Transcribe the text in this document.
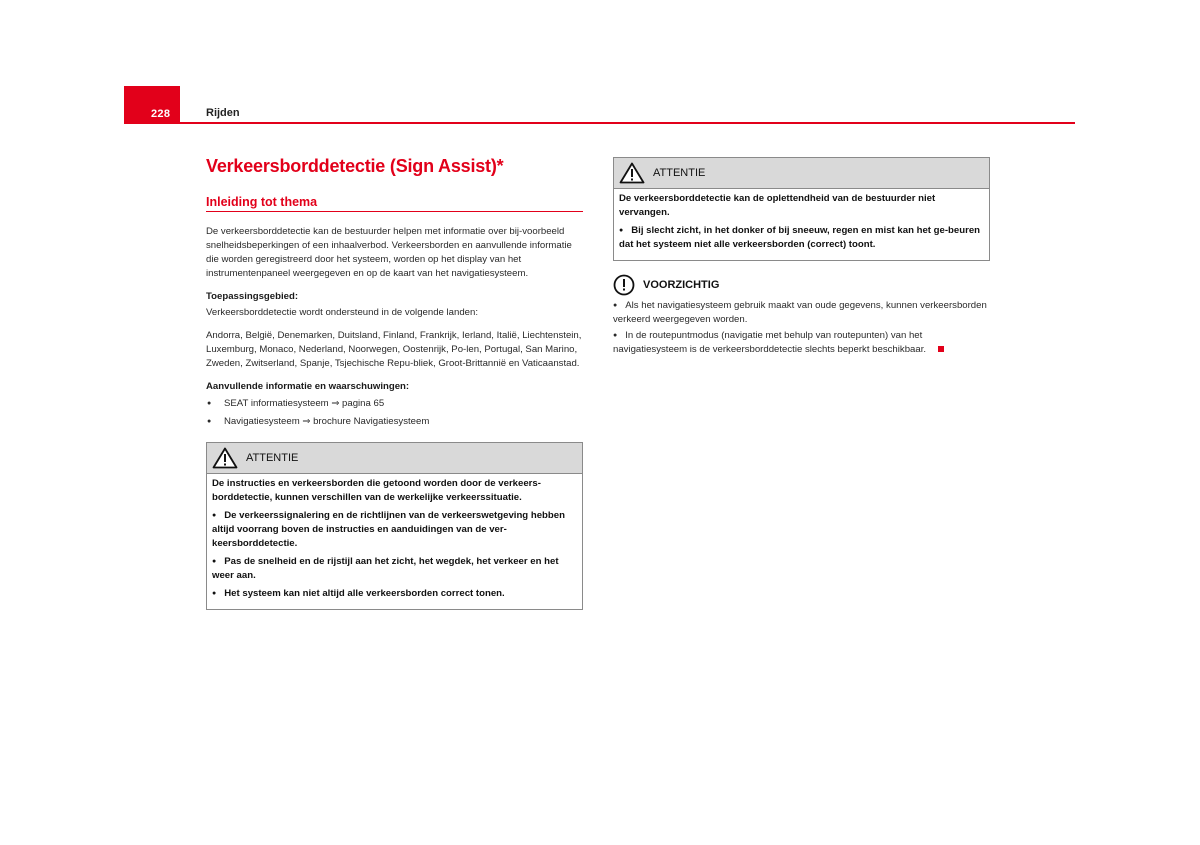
228	Rijden
Verkeersborddetectie (Sign Assist)*
Inleiding tot thema

De verkeersborddetectie kan de bestuurder helpen met informatie over bij-voorbeeld snelheidsbeperkingen of een inhaalverbod. Verkeersborden en aanvullende informatie die worden geregistreerd door het systeem, worden op het display van het instrumentenpaneel weergegeven en op de kaart van het navigatiesysteem.

Toepassingsgebied:

Verkeersborddetectie wordt ondersteund in de volgende landen:

Andorra, België, Denemarken, Duitsland, Finland, Frankrijk, Ierland, Italië, Liechtenstein, Luxemburg, Monaco, Nederland, Noorwegen, Oostenrijk, Po-len, Portugal, San Marino, Zweden, Zwitserland, Spanje, Tsjechische Repu-bliek, Groot-Brittannië en Vaticaanstad.

Aanvullende informatie en waarschuwingen:

● SEAT informatiesysteem ⇒ pagina 65
● Navigatiesysteem ⇒ brochure Navigatiesysteem
ATTENTIE

De instructies en verkeersborden die getoond worden door de verkeers-borddetectie, kunnen verschillen van de werkelijke verkeerssituatie.

● De verkeerssignalering en de richtlijnen van de verkeerswetgeving hebben altijd voorrang boven de instructies en aanduidingen van de ver-keersborddetectie.

● Pas de snelheid en de rijstijl aan het zicht, het wegdek, het verkeer en het weer aan.

● Het systeem kan niet altijd alle verkeersborden correct tonen.

ATTENTIE

De verkeersborddetectie kan de oplettendheid van de bestuurder niet vervangen.

● Bij slecht zicht, in het donker of bij sneeuw, regen en mist kan het ge-beuren dat het systeem niet alle verkeersborden (correct) toont.

VOORZICHTIG

● Als het navigatiesysteem gebruik maakt van oude gegevens, kunnen verkeersborden verkeerd weergegeven worden.

● In de routepuntmodus (navigatie met behulp van routepunten) van het navigatiesysteem is de verkeersborddetectie slechts beperkt beschikbaar.
